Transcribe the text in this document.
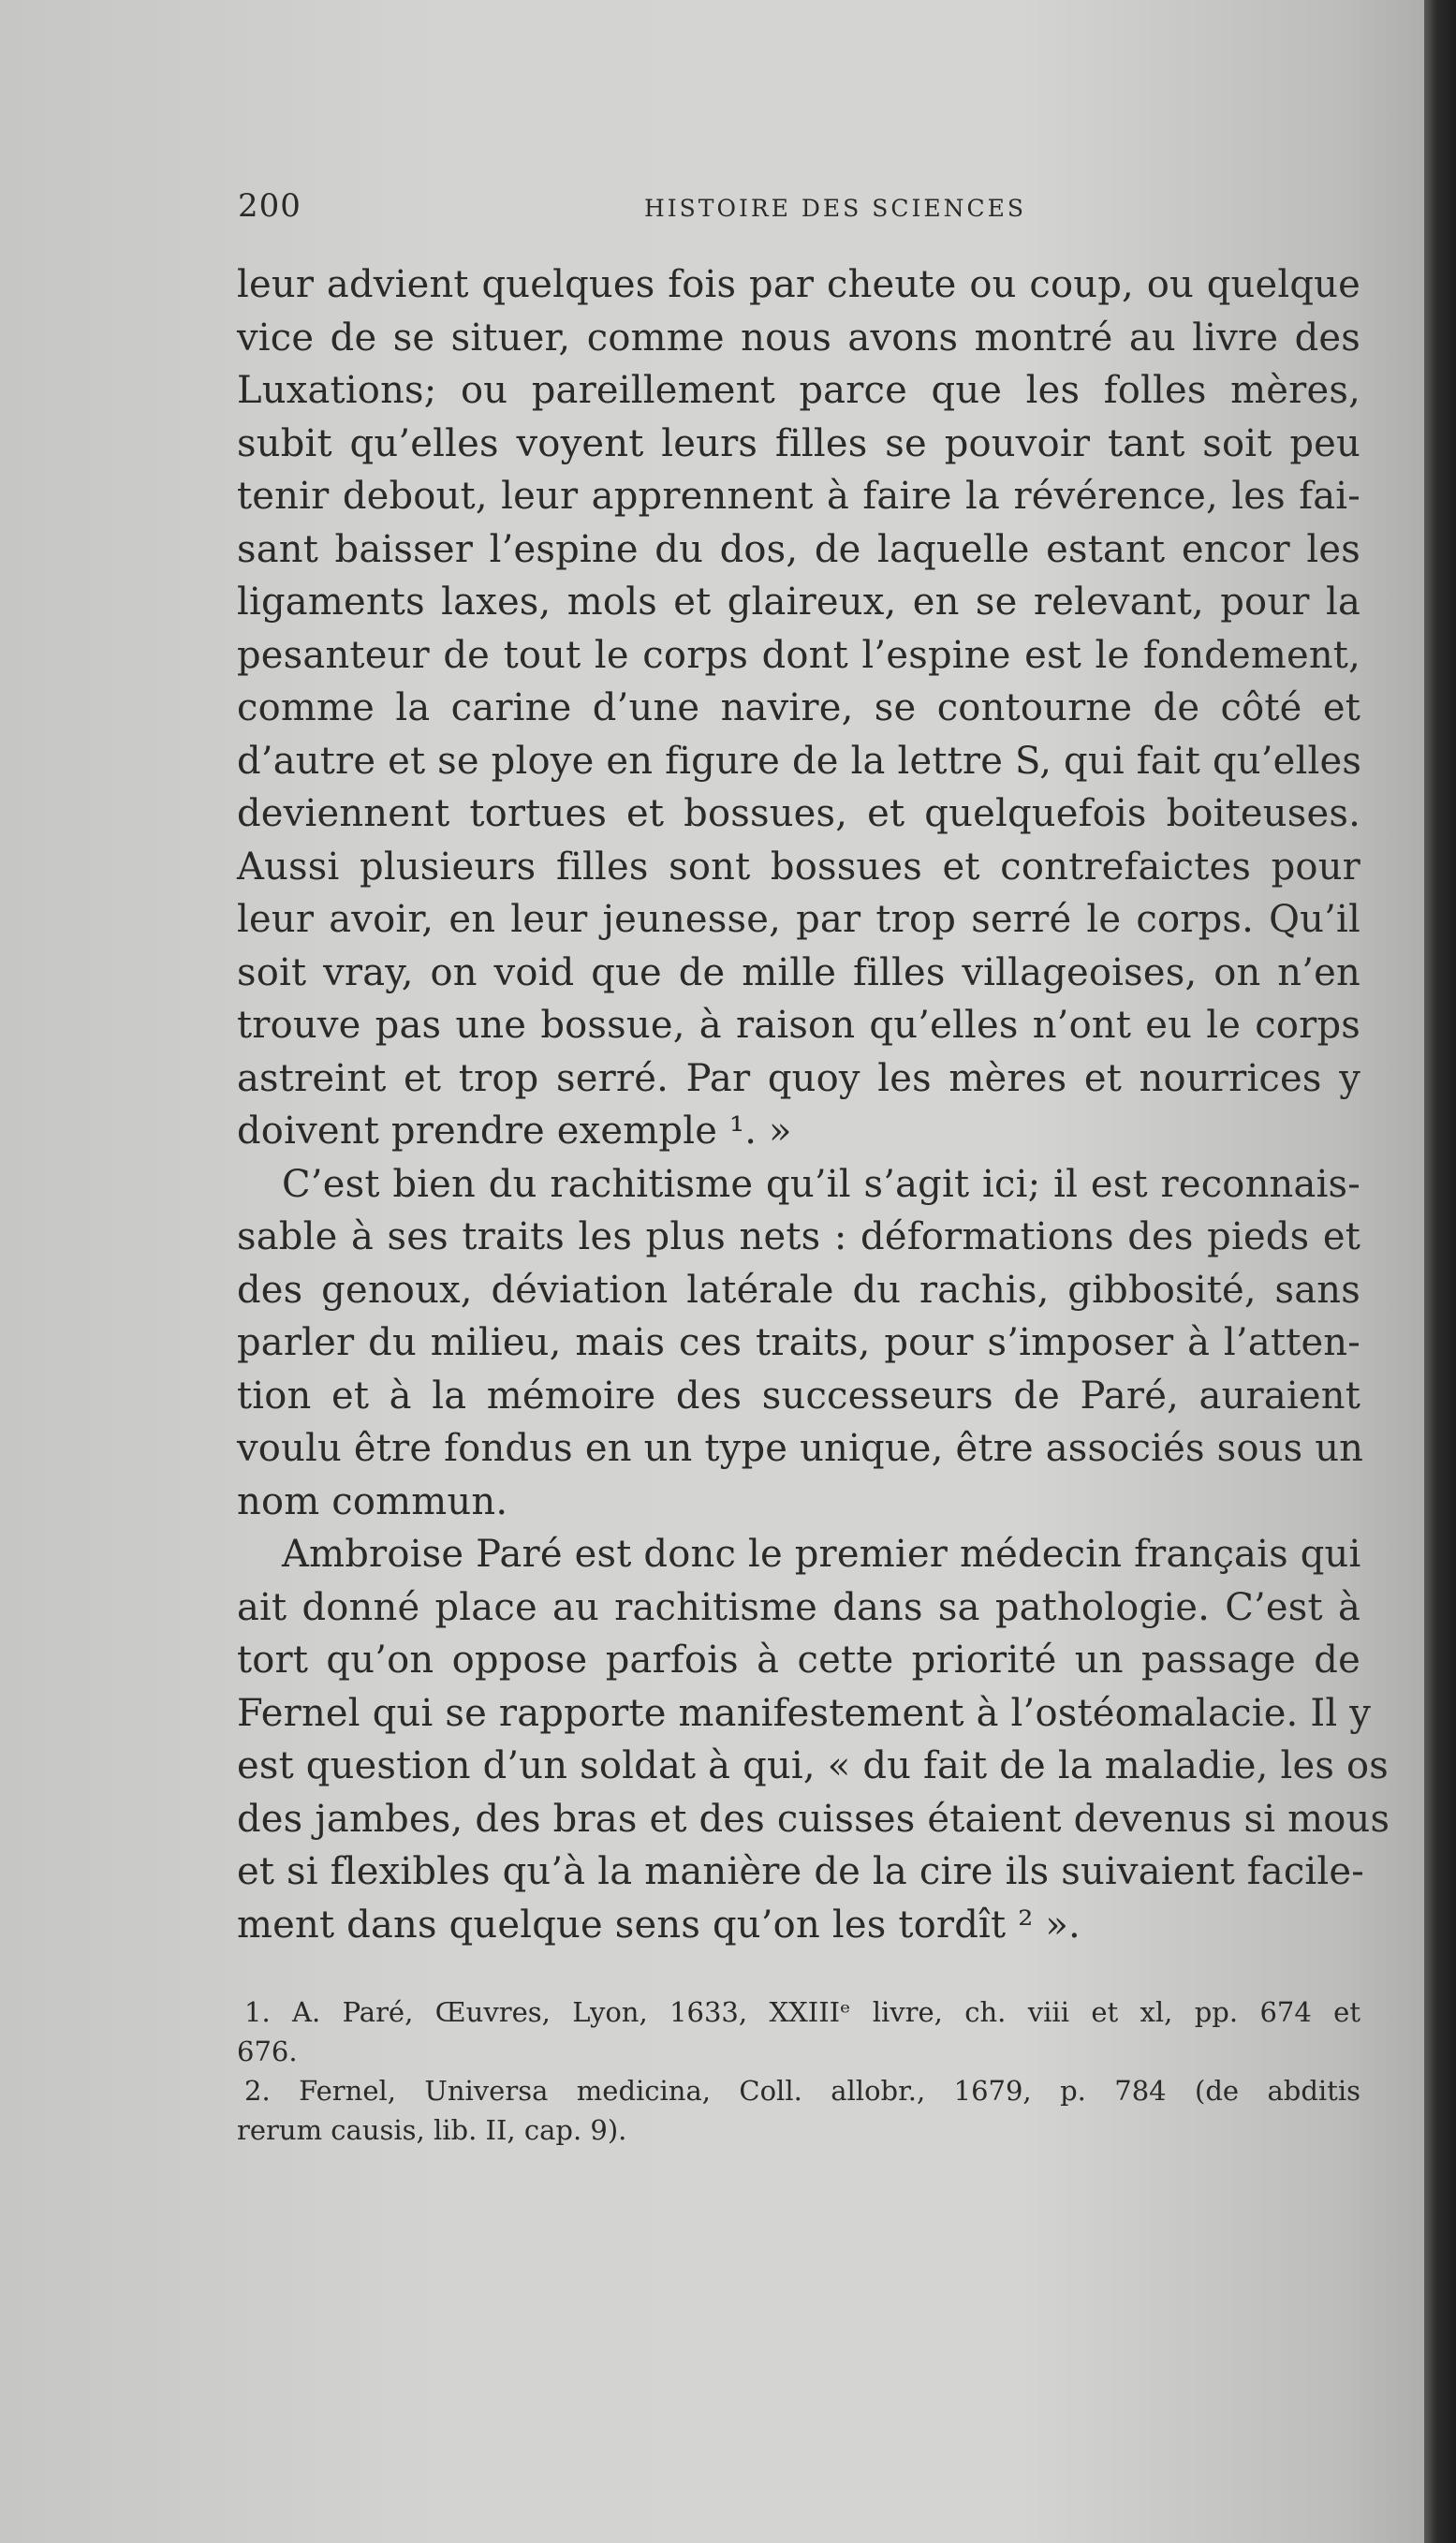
200	HISTOIRE DES SCIENCES
leur advient quelques fois par cheute ou coup, ou quelque
vice de se situer, comme nous avons montré au livre des
Luxations; ou pareillement parce que les folles mères,
subit qu’elles voyent leurs filles se pouvoir tant soit peu
tenir debout, leur apprennent à faire la révérence, les fai-
sant baisser l’espine du dos, de laquelle estant encor les
ligaments laxes, mols et glaireux, en se relevant, pour la
pesanteur de tout le corps dont l’espine est le fondement,
comme la carine d’une navire, se contourne de côté et
d’autre et se ploye en figure de la lettre S, qui fait qu’elles
deviennent tortues et bossues, et quelquefois boiteuses.
Aussi plusieurs filles sont bossues et contrefaictes pour
leur avoir, en leur jeunesse, par trop serré le corps. Qu’il
soit vray, on void que de mille filles villageoises, on n’en
trouve pas une bossue, à raison qu’elles n’ont eu le corps
astreint et trop serré. Par quoy les mères et nourrices y
doivent prendre exemple ¹. »
C’est bien du rachitisme qu’il s’agit ici; il est reconnais-
sable à ses traits les plus nets : déformations des pieds et
des genoux, déviation latérale du rachis, gibbosité, sans
parler du milieu, mais ces traits, pour s’imposer à l’atten-
tion et à la mémoire des successeurs de Paré, auraient
voulu être fondus en un type unique, être associés sous un
nom commun.
Ambroise Paré est donc le premier médecin français qui
ait donné place au rachitisme dans sa pathologie. C’est à
tort qu’on oppose parfois à cette priorité un passage de
Fernel qui se rapporte manifestement à l’ostéomalacie. Il y
est question d’un soldat à qui, « du fait de la maladie, les os
des jambes, des bras et des cuisses étaient devenus si mous
et si flexibles qu’à la manière de la cire ils suivaient facile-
ment dans quelque sens qu’on les tordît ² ».
1. A. Paré, Œuvres, Lyon, 1633, XXIIIᵉ livre, ch. viii et xl, pp. 674 et
676.
2. Fernel, Universa medicina, Coll. allobr., 1679, p. 784 (de abditis
rerum causis, lib. II, cap. 9).
